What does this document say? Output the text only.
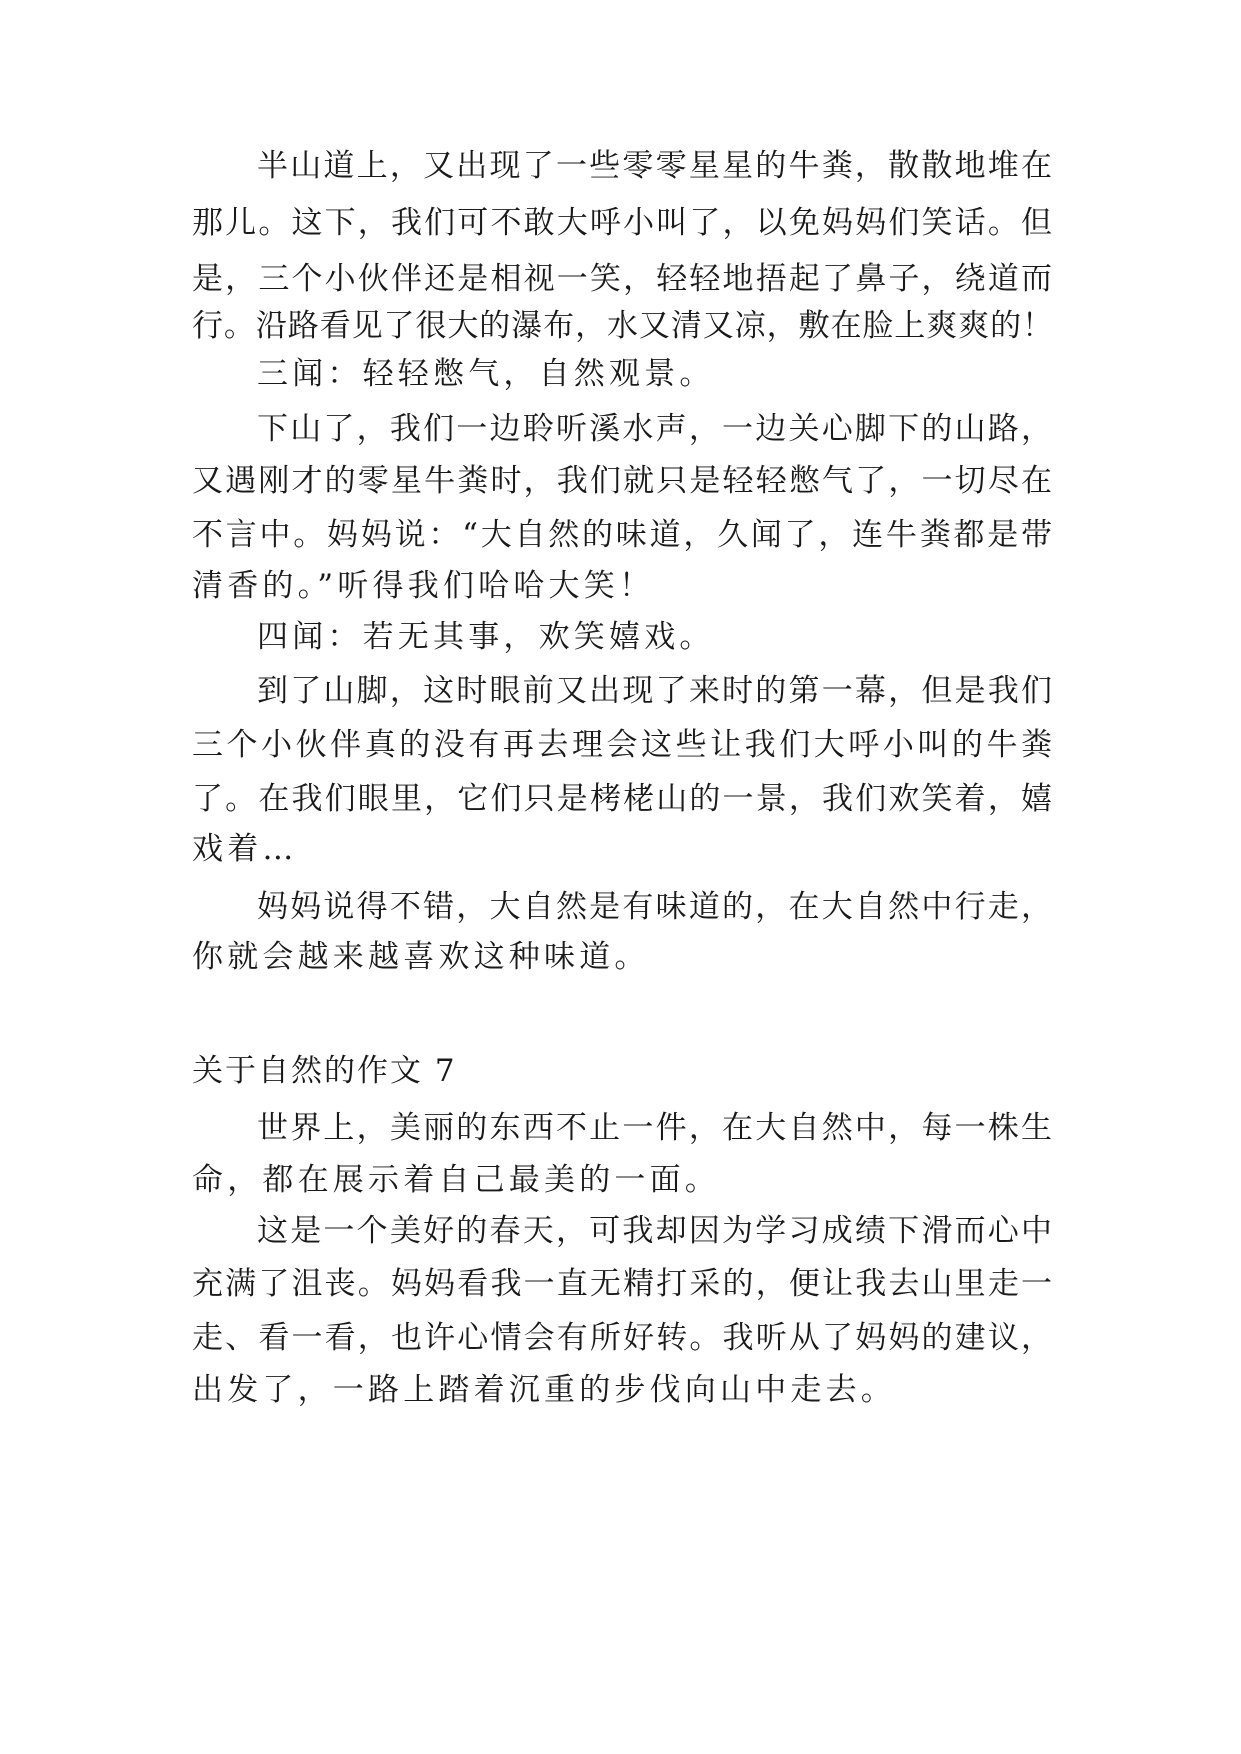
半山道上，又出现了一些零零星星的牛粪，散散地堆在
那儿。这下，我们可不敢大呼小叫了，以免妈妈们笑话。但
是，三个小伙伴还是相视一笑，轻轻地捂起了鼻子，绕道而
行。沿路看见了很大的瀑布，水又清又凉，敷在脸上爽爽的！
三闻：轻轻憋气，自然观景。
下山了，我们一边聆听溪水声，一边关心脚下的山路，
又遇刚才的零星牛粪时，我们就只是轻轻憋气了，一切尽在
不言中。妈妈说：“大自然的味道，久闻了，连牛粪都是带
清香的。”听得我们哈哈大笑！
四闻：若无其事，欢笑嬉戏。
到了山脚，这时眼前又出现了来时的第一幕，但是我们
三个小伙伴真的没有再去理会这些让我们大呼小叫的牛粪
了。在我们眼里，它们只是栲栳山的一景，我们欢笑着，嬉
戏着…
妈妈说得不错，大自然是有味道的，在大自然中行走，
你就会越来越喜欢这种味道。
关于自然的作文 7
世界上，美丽的东西不止一件，在大自然中，每一株生
命，都在展示着自己最美的一面。
这是一个美好的春天，可我却因为学习成绩下滑而心中
充满了沮丧。妈妈看我一直无精打采的，便让我去山里走一
走、看一看，也许心情会有所好转。我听从了妈妈的建议，
出发了，一路上踏着沉重的步伐向山中走去。
